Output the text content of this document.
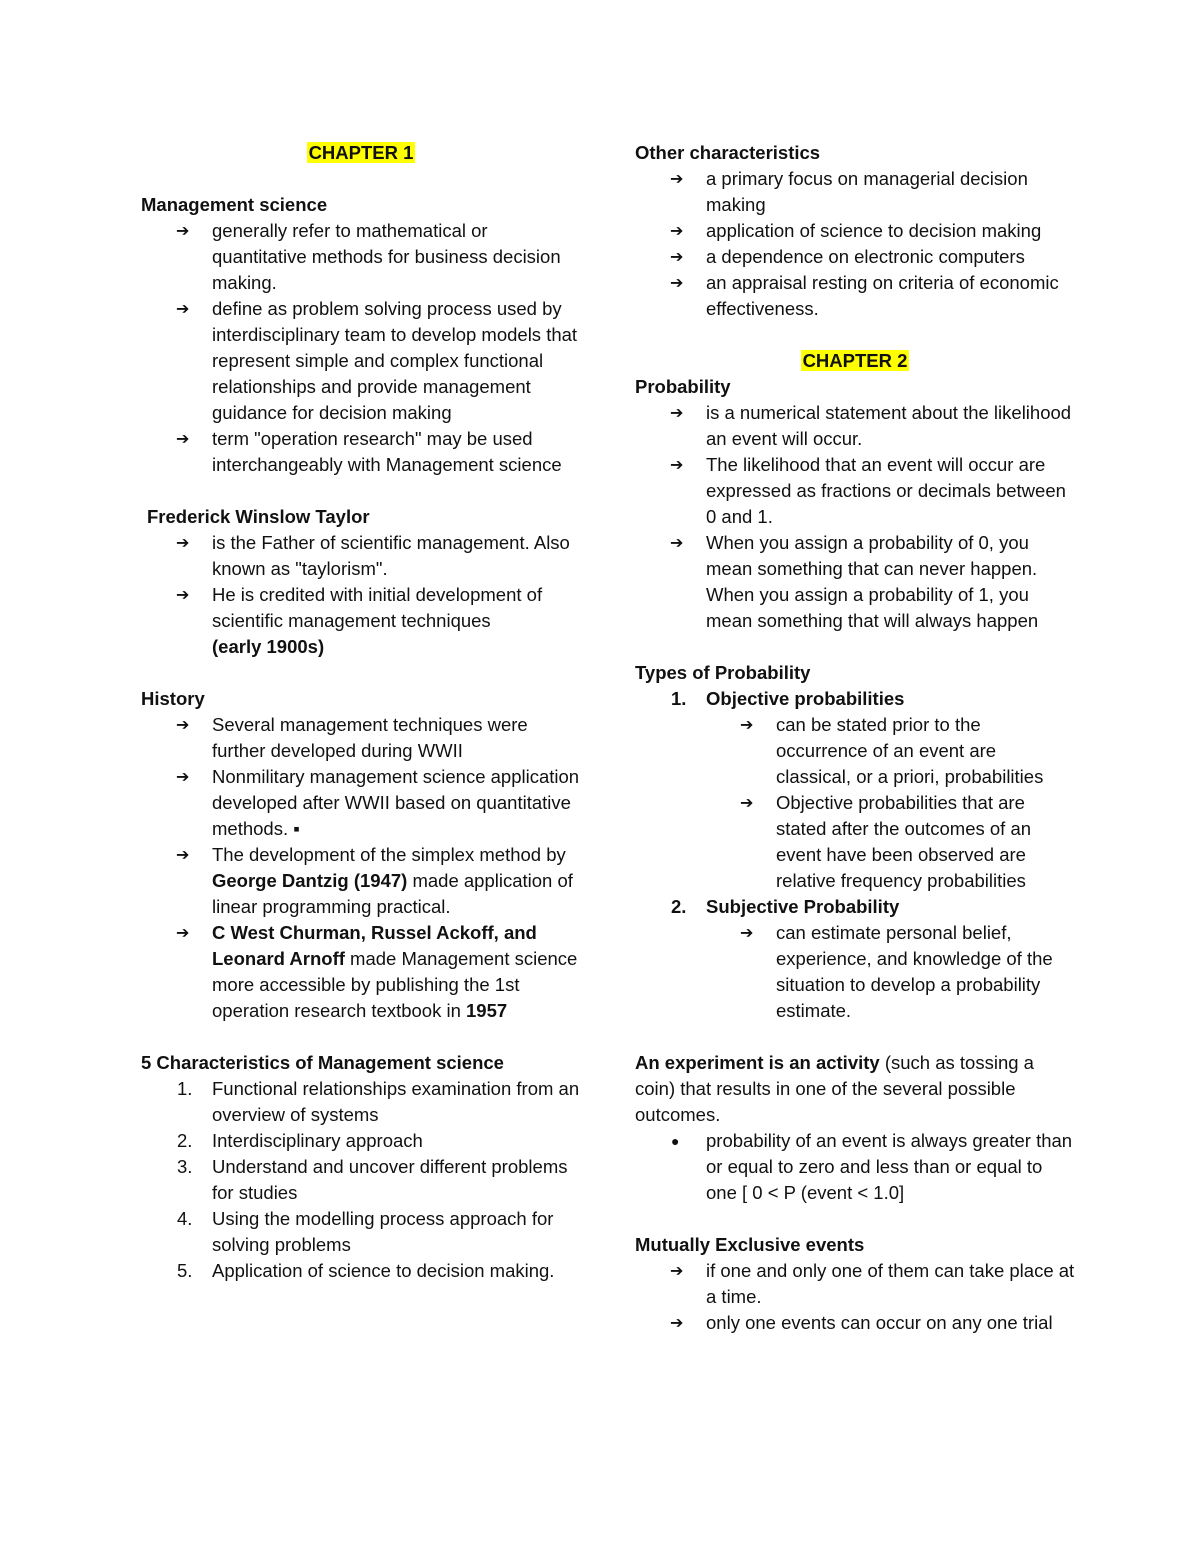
CHAPTER 1

Management science

➔	generally refer to mathematical or quantitative methods for business decision making.
➔	define as problem solving process used by interdisciplinary team to develop models that represent simple and complex functional relationships and provide management guidance for decision making
➔	term "operation research" may be used interchangeably with Management science

Frederick Winslow Taylor

➔	is the Father of scientific management. Also known as "taylorism".
➔	He is credited with initial development of scientific management techniques
(early 1900s)

History

➔	Several management techniques were further developed during WWII
➔	Nonmilitary management science application developed after WWII based on quantitative methods. ▪
➔	The development of the simplex method by George Dantzig (1947) made application of linear programming practical.
➔	C West Churman, Russel Ackoff, and Leonard Arnoff made Management science more accessible by publishing the 1st operation research textbook in 1957

5 Characteristics of Management science

1. Functional relationships examination from an overview of systems
2. Interdisciplinary approach
3. Understand and uncover different problems for studies
4. Using the modelling process approach for solving problems
5. Application of science to decision making.

Other characteristics

➔	a primary focus on managerial decision making
➔	application of science to decision making
➔	a dependence on electronic computers
➔	an appraisal resting on criteria of economic effectiveness.

CHAPTER 2

Probability

➔	is a numerical statement about the likelihood an event will occur.
➔	The likelihood that an event will occur are expressed as fractions or decimals between 0 and 1.
➔	When you assign a probability of 0, you mean something that can never happen. When you assign a probability of 1, you mean something that will always happen

Types of Probability

1. Objective probabilities
➔	can be stated prior to the occurrence of an event are classical, or a priori, probabilities
➔	Objective probabilities that are stated after the outcomes of an event have been observed are relative frequency probabilities
2. Subjective Probability
➔	can estimate personal belief, experience, and knowledge of the situation to develop a probability estimate.

An experiment is an activity (such as tossing a coin) that results in one of the several possible outcomes.

● probability of an event is always greater than or equal to zero and less than or equal to one [ 0 < P (event < 1.0]

Mutually Exclusive events

➔	if one and only one of them can take place at a time.
➔	only one events can occur on any one trial
